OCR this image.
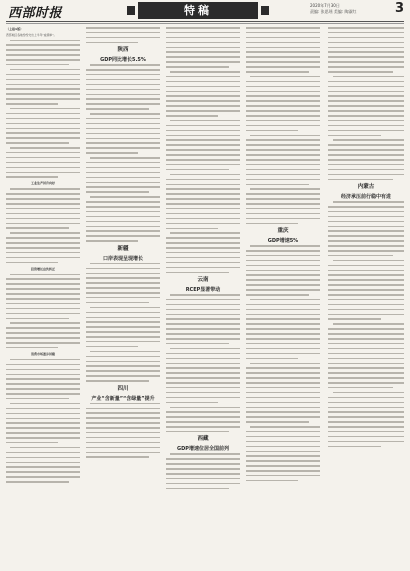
西部时报	特稿	2020年7月30日
责编: 张思瑶 美编: 陶淑红	3
（上接1版）
西部地区各地纷纷交出上半年“成绩单”。
工业生产回升向好
投资增长由负转正
消费市场逐步回暖
陕西
GDP同比增长5.5%
新疆
口岸表现呈现增长
四川
产业“含新量”“含绿量”提升
云南
RCEP显著带动
西藏
GDP增速位居全国前列
重庆
GDP增速5%
内蒙古
经济承压前行稳中有进
